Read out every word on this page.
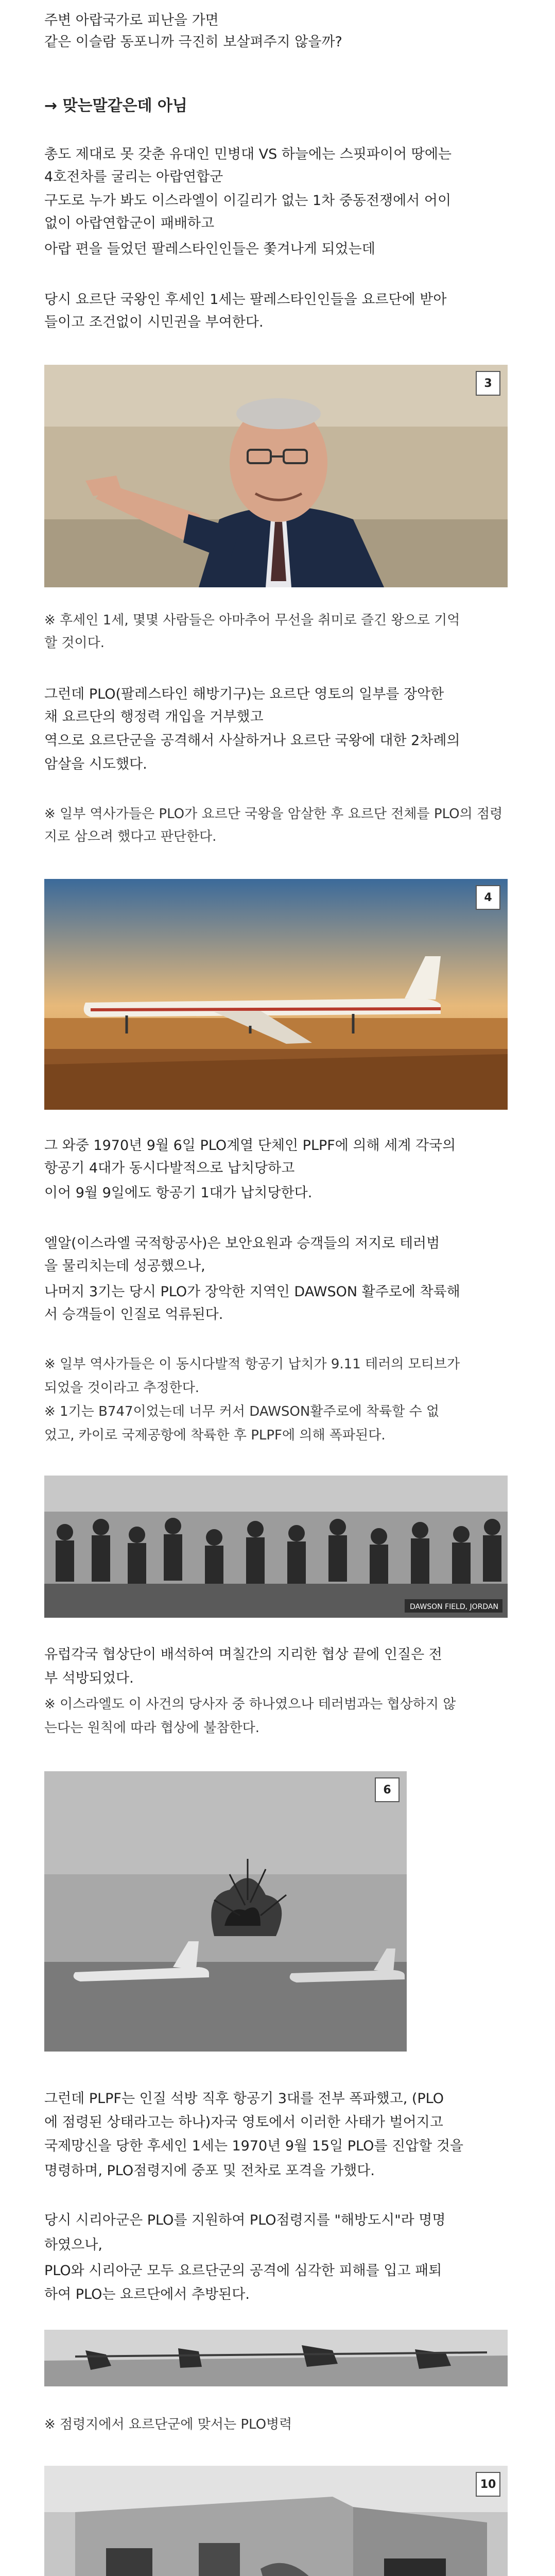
주변 아랍국가로 피난을 가면

같은 이슬람 동포니까 극진히 보살펴주지 않을까?

→ 맞는말같은데 아님

총도 제대로 못 갖춘 유대인 민병대 VS 하늘에는 스핏파이어 땅에는

4호전차를 굴리는 아랍연합군

구도로 누가 봐도 이스라엘이 이길리가 없는 1차 중동전쟁에서 어이

없이 아랍연합군이 패배하고

아랍 편을 들었던 팔레스타인인들은 쫓겨나게 되었는데

당시 요르단 국왕인 후세인 1세는 팔레스타인인들을 요르단에 받아

들이고 조건없이 시민권을 부여한다.

3

※ 후세인 1세, 몇몇 사람들은 아마추어 무선을 취미로 즐긴 왕으로 기억

할 것이다.

그런데 PLO(팔레스타인 해방기구)는 요르단 영토의 일부를 장악한

채 요르단의 행정력 개입을 거부했고

역으로 요르단군을 공격해서 사살하거나 요르단 국왕에 대한 2차례의

암살을 시도했다.

※ 일부 역사가들은 PLO가 요르단 국왕을 암살한 후 요르단 전체를 PLO의 점령

지로 삼으려 했다고 판단한다.

4

그 와중 1970년 9월 6일 PLO계열 단체인 PLPF에 의해 세계 각국의

항공기 4대가 동시다발적으로 납치당하고

이어 9월 9일에도 항공기 1대가 납치당한다.

엘알(이스라엘 국적항공사)은 보안요원과 승객들의 저지로 테러범

을 물리치는데 성공했으나,

나머지 3기는 당시 PLO가 장악한 지역인 DAWSON 활주로에 착륙해

서 승객들이 인질로 억류된다.

※ 일부 역사가들은 이 동시다발적 항공기 납치가 9.11 테러의 모티브가

되었을 것이라고 추정한다.

※ 1기는 B747이었는데 너무 커서 DAWSON활주로에 착륙할 수 없

었고, 카이로 국제공항에 착륙한 후 PLPF에 의해 폭파된다.

DAWSON FIELD, JORDAN

유럽각국 협상단이 배석하여 며칠간의 지리한 협상 끝에 인질은 전

부 석방되었다.

※ 이스라엘도 이 사건의 당사자 중 하나였으나 테러범과는 협상하지 않

는다는 원칙에 따라 협상에 불참한다.

6

그런데 PLPF는 인질 석방 직후 항공기 3대를 전부 폭파했고, (PLO

에 점령된 상태라고는 하나)자국 영토에서 이러한 사태가 벌어지고

국제망신을 당한 후세인 1세는 1970년 9월 15일 PLO를 진압할 것을

명령하며, PLO점령지에 중포 및 전차로 포격을 가했다.

당시 시리아군은 PLO를 지원하여 PLO점령지를 "해방도시"라 명명

하였으나,

PLO와 시리아군 모두 요르단군의 공격에 심각한 피해를 입고 패퇴

하여 PLO는 요르단에서 추방된다.

※ 점령지에서 요르단군에 맞서는 PLO병력

10
